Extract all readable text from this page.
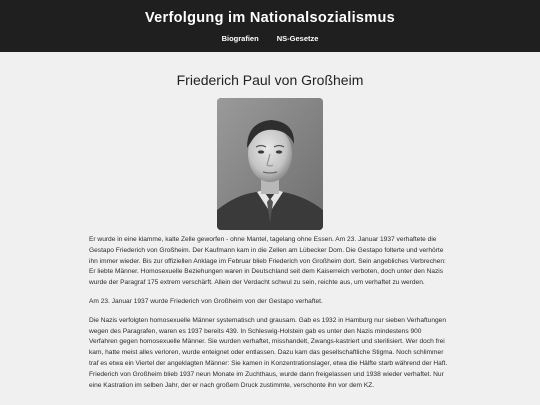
Verfolgung im Nationalsozialismus
Biografien NS-Gesetze
Friederich Paul von Großheim

Er wurde in eine klamme, kalte Zelle geworfen - ohne Mantel, tagelang ohne Essen. Am 23. Januar 1937 verhaftete die Gestapo Friederich von Großheim. Der Kaufmann kam in die Zellen am Lübecker Dom. Die Gestapo folterte und verhörte ihn immer wieder. Bis zur offiziellen Anklage im Februar blieb Friederich von Großheim dort. Sein angebliches Verbrechen: Er liebte Männer. Homosexuelle Beziehungen waren in Deutschland seit dem Kaiserreich verboten, doch unter den Nazis wurde der Paragraf 175 extrem verschärft. Allein der Verdacht schwul zu sein, reichte aus, um verhaftet zu werden.

Am 23. Januar 1937 wurde Friederich von Großheim von der Gestapo verhaftet.

Die Nazis verfolgten homosexuelle Männer systematisch und grausam. Gab es 1932 in Hamburg nur sieben Verhaftungen wegen des Paragrafen, waren es 1937 bereits 439. In Schleswig-Holstein gab es unter den Nazis mindestens 900 Verfahren gegen homosexuelle Männer. Sie wurden verhaftet, misshandelt, Zwangs-kastriert und sterilisiert. Wer doch frei kam, hatte meist alles verloren, wurde enteignet oder entlassen. Dazu kam das gesellschaftliche Stigma. Noch schlimmer traf es etwa ein Viertel der angeklagten Männer: Sie kamen in Konzentrationslager, etwa die Hälfte starb während der Haft. Friederich von Großheim blieb 1937 neun Monate im Zuchthaus, wurde dann freigelassen und 1938 wieder verhaftet. Nur eine Kastration im selben Jahr, der er nach großem Druck zustimmte, verschonte ihn vor dem KZ.
